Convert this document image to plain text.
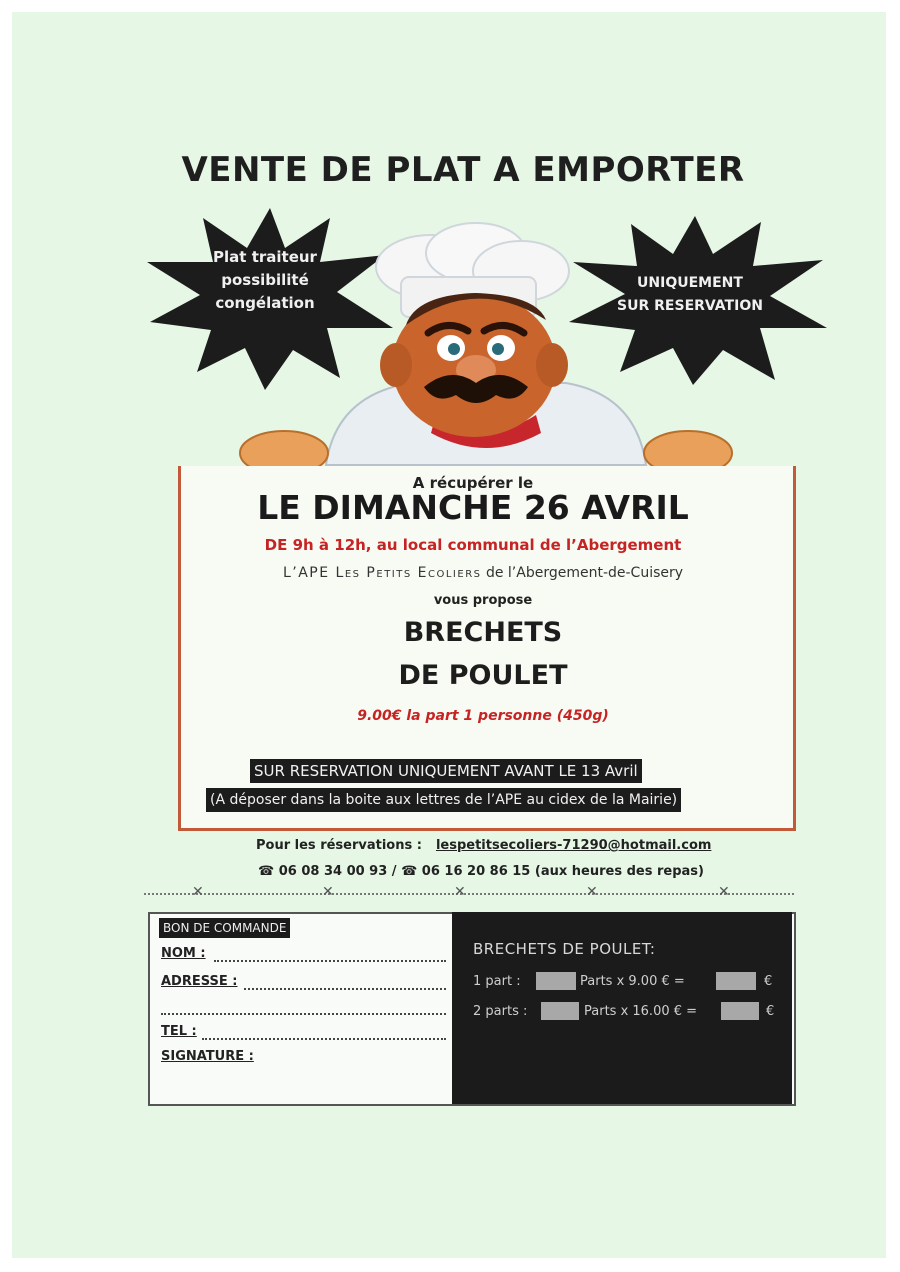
VENTE DE PLAT A EMPORTER
Plat traiteur
possibilité
congélation
UNIQUEMENT
SUR RESERVATION
A récupérer le
LE DIMANCHE 26 AVRIL
DE 9h à 12h, au local communal de l’Abergement
L’APE Les Petits Ecoliers de l’Abergement-de-Cuisery
vous propose
BRECHETS
DE POULET
9.00€ la part 1 personne (450g)
SUR RESERVATION UNIQUEMENT AVANT LE 13 Avril
(A déposer dans la boite aux lettres de l’APE au cidex de la Mairie)
Pour les réservations : lespetitsecoliers-71290@hotmail.com
☎ 06 08 34 00 93 / ☎ 06 16 20 86 15 (aux heures des repas)
✕	✕	✕	✕	✕
BON DE COMMANDE
NOM :
ADRESSE :
TEL :
SIGNATURE :
BRECHETS DE POULET:
1 part :	Parts x 9.00 € =	€
2 parts :	Parts x 16.00 € =	€
